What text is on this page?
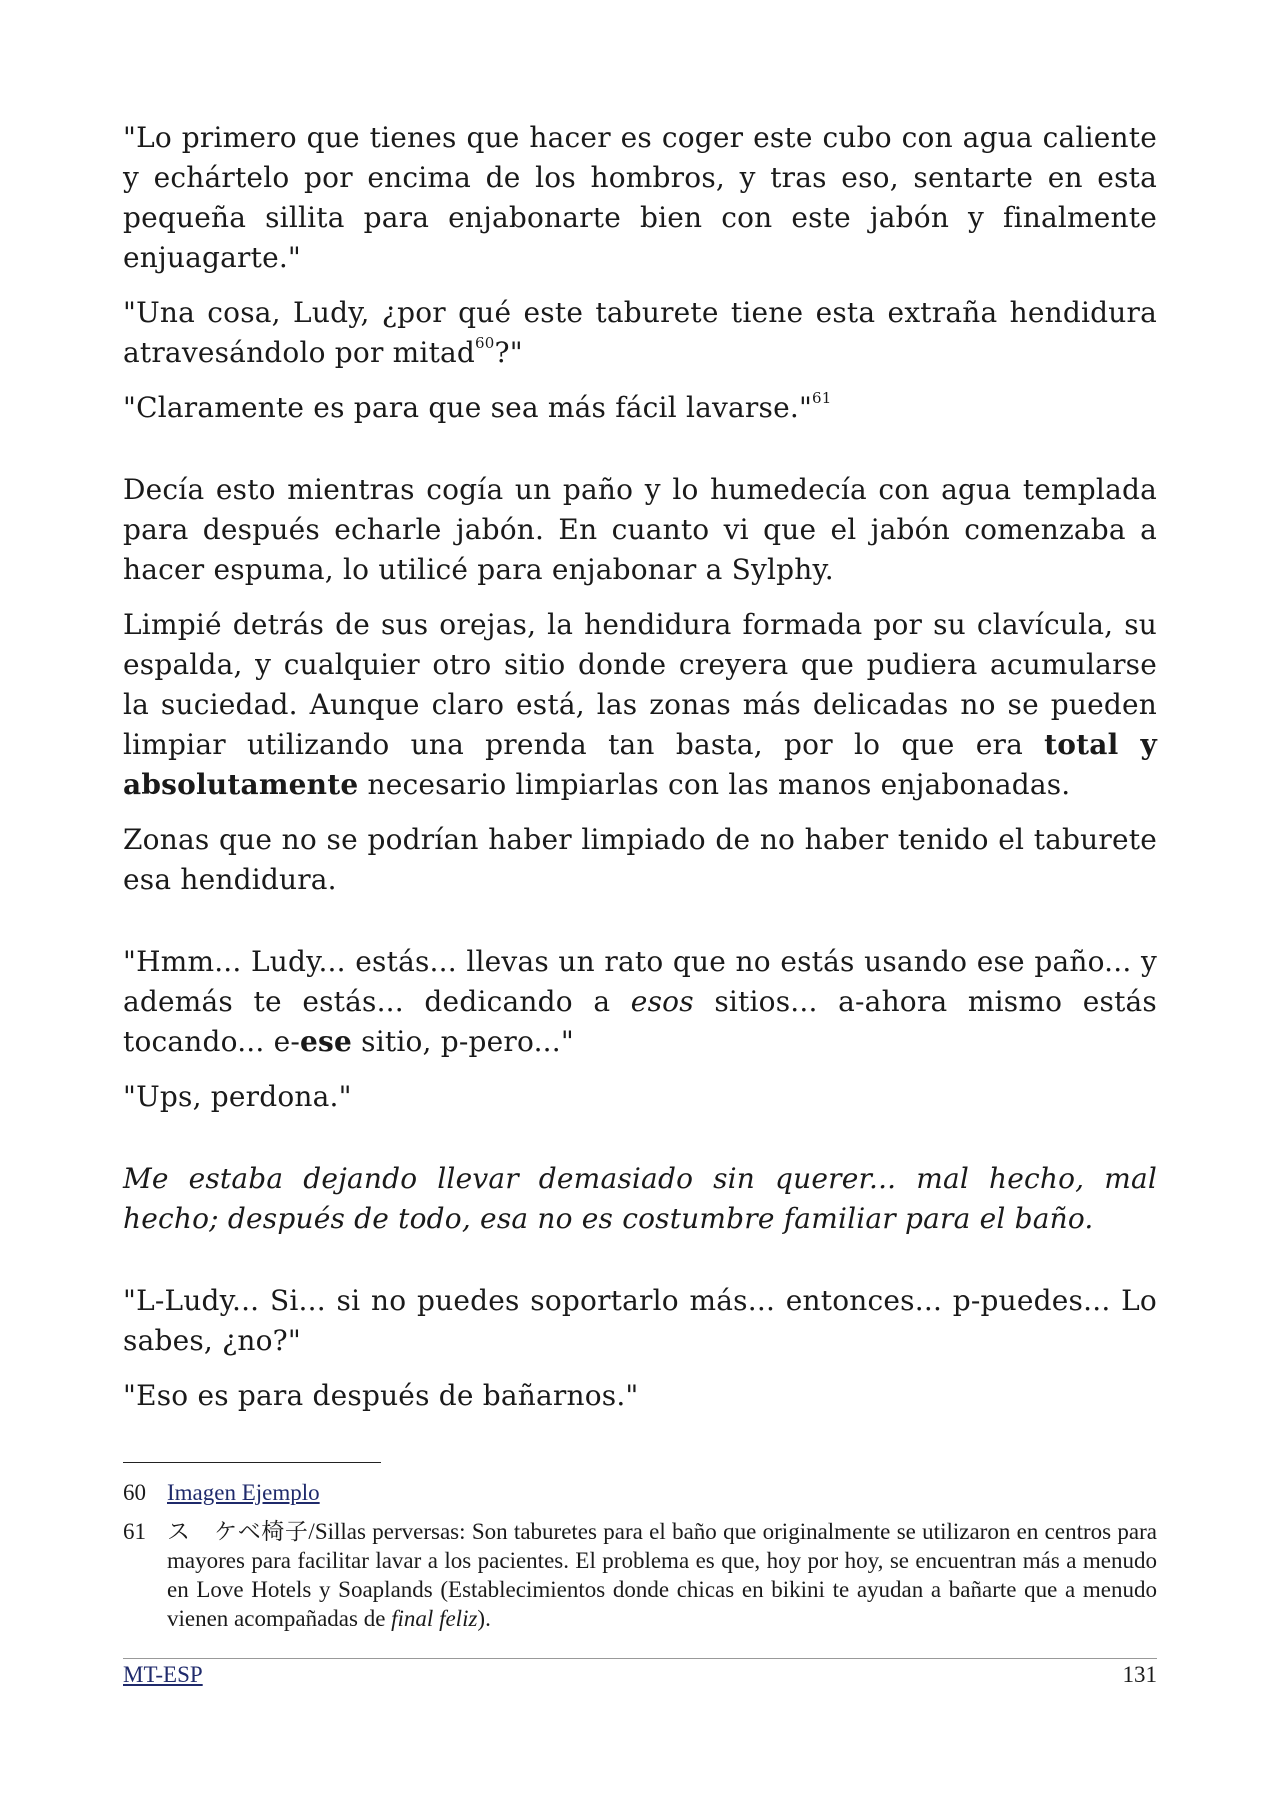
"Lo primero que tienes que hacer es coger este cubo con agua caliente y echártelo por encima de los hombros, y tras eso, sentarte en esta pequeña sillita para enjabonarte bien con este jabón y finalmente enjuagarte."

"Una cosa, Ludy, ¿por qué este taburete tiene esta extraña hendidura atravesándolo por mitad$^{60}$?"

"Claramente es para que sea más fácil lavarse."$^{61}$

Decía esto mientras cogía un paño y lo humedecía con agua templada para después echarle jabón. En cuanto vi que el jabón comenzaba a hacer espuma, lo utilicé para enjabonar a Sylphy.

Limpié detrás de sus orejas, la hendidura formada por su clavícula, su espalda, y cualquier otro sitio donde creyera que pudiera acumularse la suciedad. Aunque claro está, las zonas más delicadas no se pueden limpiar utilizando una prenda tan basta, por lo que era total y absolutamente necesario limpiarlas con las manos enjabonadas.

Zonas que no se podrían haber limpiado de no haber tenido el taburete esa hendidura.

"Hmm... Ludy... estás... llevas un rato que no estás usando ese paño... y además te estás... dedicando a esos sitios... a-ahora mismo estás tocando... e-ese sitio, p-pero..."

"Ups, perdona."

Me estaba dejando llevar demasiado sin querer... mal hecho, mal hecho; después de todo, esa no es costumbre familiar para el baño.

"L-Ludy... Si... si no puedes soportarlo más... entonces... p-puedes... Lo sabes, ¿no?"

"Eso es para después de bañarnos."

60 Imagen Ejemplo
61 ス　ケベ椅子/Sillas perversas: Son taburetes para el baño que originalmente se utilizaron en centros para mayores para facilitar lavar a los pacientes. El problema es que, hoy por hoy, se encuentran más a menudo en Love Hotels y Soaplands (Establecimientos donde chicas en bikini te ayudan a bañarte que a menudo vienen acompañadas de final feliz).
MT-ESP	131
